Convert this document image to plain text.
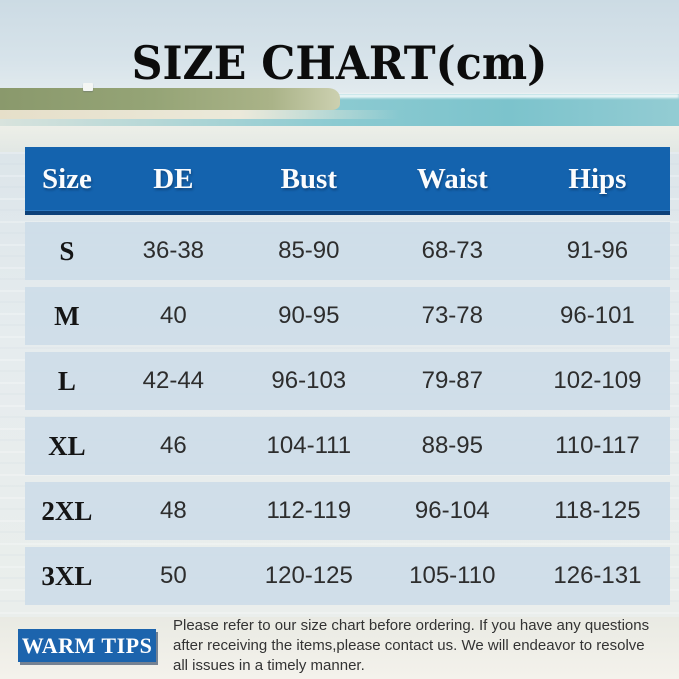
SIZE CHART(cm)
Size	DE	Bust	Waist	Hips
S	36-38	85-90	68-73	91-96
M	40	90-95	73-78	96-101
L	42-44	96-103	79-87	102-109
XL	46	104-111	88-95	110-117
2XL	48	112-119	96-104	118-125
3XL	50	120-125	105-110	126-131
WARM TIPS

Please refer to our size chart before ordering. If you have any questions after receiving the items,please contact us. We will endeavor to resolve all issues in a timely manner.
